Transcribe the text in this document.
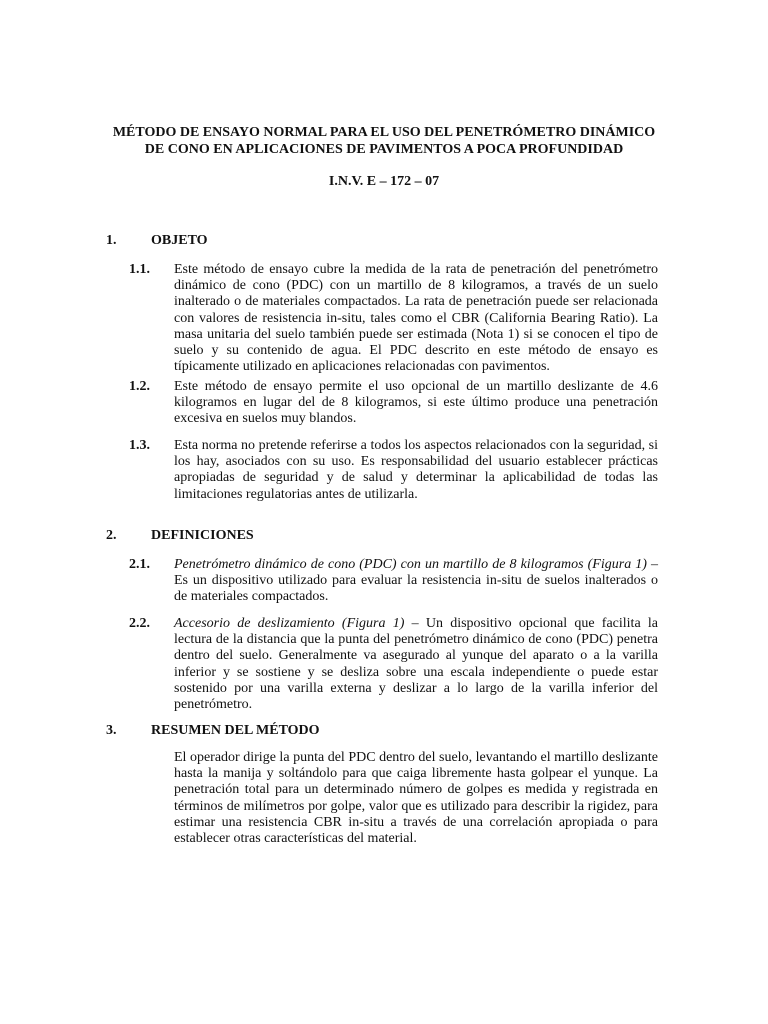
MÉTODO DE ENSAYO NORMAL PARA EL USO DEL PENETRÓMETRO DINÁMICO
DE CONO EN APLICACIONES DE PAVIMENTOS A POCA PROFUNDIDAD
I.N.V. E – 172 – 07
1. OBJETO
1.1. Este método de ensayo cubre la medida de la rata de penetración del penetrómetro dinámico de cono (PDC) con un martillo de 8 kilogramos, a través de un suelo inalterado o de materiales compactados. La rata de penetración puede ser relacionada con valores de resistencia in-situ, tales como el CBR (California Bearing Ratio). La masa unitaria del suelo también puede ser estimada (Nota 1) si se conocen el tipo de suelo y su contenido de agua. El PDC descrito en este método de ensayo es típicamente utilizado en aplicaciones relacionadas con pavimentos.
1.2. Este método de ensayo permite el uso opcional de un martillo deslizante de 4.6 kilogramos en lugar del de 8 kilogramos, si este último produce una penetración excesiva en suelos muy blandos.
1.3. Esta norma no pretende referirse a todos los aspectos relacionados con la seguridad, si los hay, asociados con su uso. Es responsabilidad del usuario establecer prácticas apropiadas de seguridad y de salud y determinar la aplicabilidad de todas las limitaciones regulatorias antes de utilizarla.
2. DEFINICIONES
2.1. Penetrómetro dinámico de cono (PDC) con un martillo de 8 kilogramos (Figura 1) – Es un dispositivo utilizado para evaluar la resistencia in-situ de suelos inalterados o de materiales compactados.
2.2. Accesorio de deslizamiento (Figura 1) – Un dispositivo opcional que facilita la lectura de la distancia que la punta del penetrómetro dinámico de cono (PDC) penetra dentro del suelo. Generalmente va asegurado al yunque del aparato o a la varilla inferior y se sostiene y se desliza sobre una escala independiente o puede estar sostenido por una varilla externa y deslizar a lo largo de la varilla inferior del penetrómetro.
3. RESUMEN DEL MÉTODO
El operador dirige la punta del PDC dentro del suelo, levantando el martillo deslizante hasta la manija y soltándolo para que caiga libremente hasta golpear el yunque. La penetración total para un determinado número de golpes es medida y registrada en términos de milímetros por golpe, valor que es utilizado para describir la rigidez, para estimar una resistencia CBR in-situ a través de una correlación apropiada o para establecer otras características del material.
